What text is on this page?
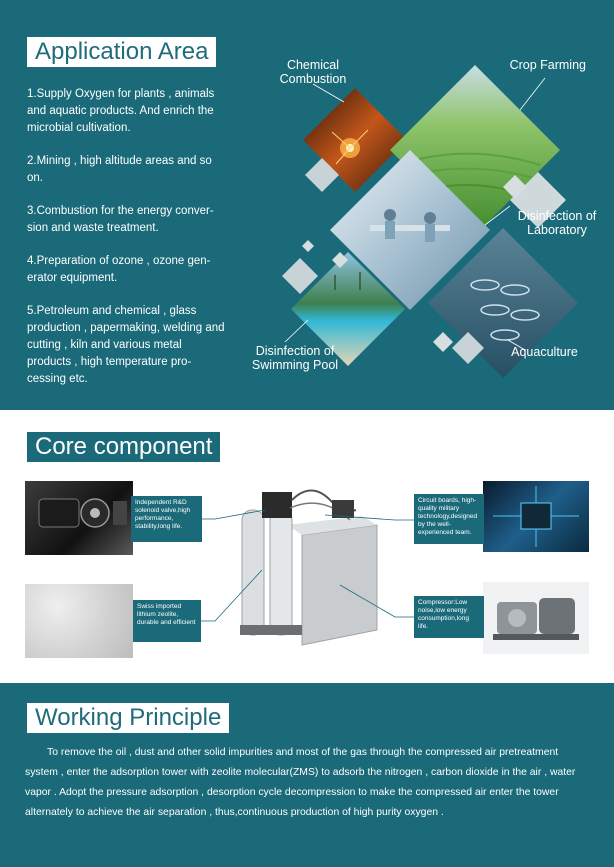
Application Area

1.Supply Oxygen for plants , animals and aquatic products. And enrich the microbial cultivation.

2.Mining , high altitude areas and so on.

3.Combustion for the energy conver-sion and waste treatment.

4.Preparation of ozone , ozone gen-erator equipment.

5.Petroleum and chemical , glass production , papermaking, welding and cutting , kiln and various metal products , high temperature pro-cessing etc.

Chemical Combustion
Crop Farming
Disinfection of Laboratory
Aquaculture
Disinfection of Swimming Pool
Core component
Independent R&D solenoid valve,high performance, stability,long life.
Swiss imported lithium zeolite, durable and efficient
Circuit boards, high-quality military technology,designed by the well-experienced team.
Compressor:Low noise,low energy consumption,long life.
Working Principle

To remove the oil , dust and other solid impurities and most of the gas through the compressed air pretreatment system , enter the adsorption tower with zeolite molecular(ZMS) to adsorb the nitrogen , carbon dioxide in the air , water vapor . Adopt the pressure adsorption , desorption cycle decompression to make the compressed air enter the tower alternately to achieve the air separation , thus,continuous production of high purity oxygen .
